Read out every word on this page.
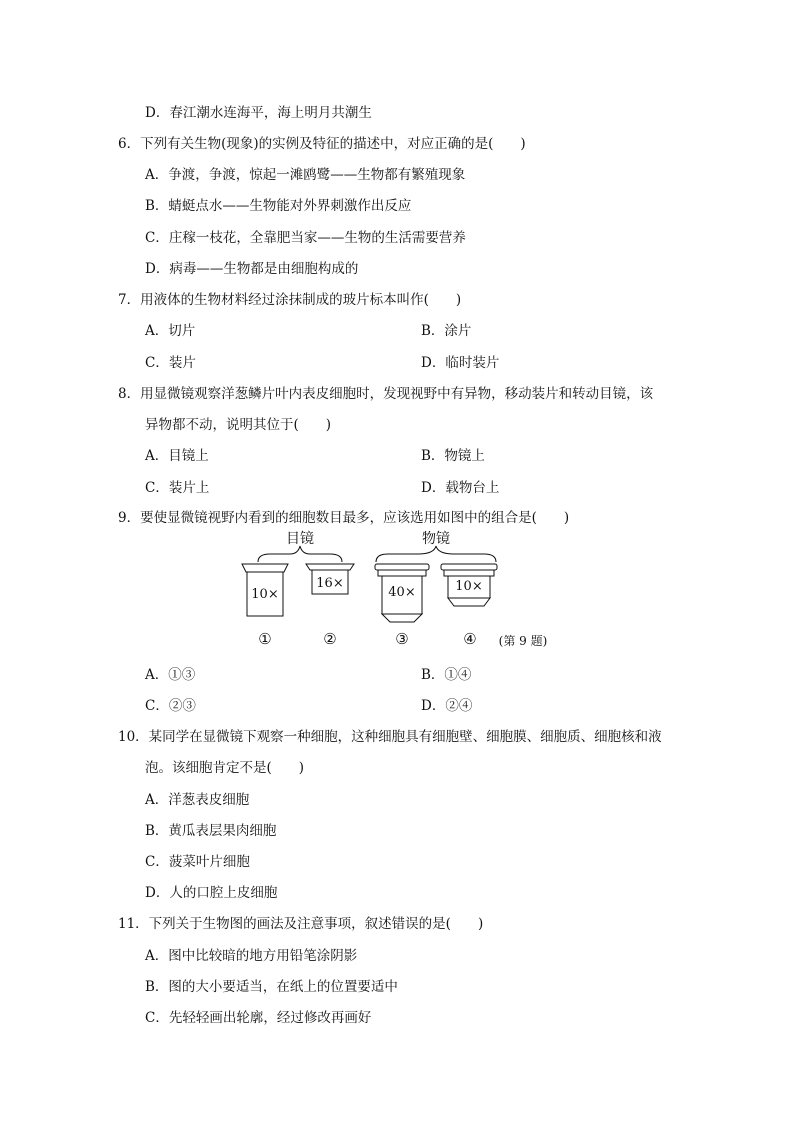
D．春江潮水连海平，海上明月共潮生
6．下列有关生物(现象)的实例及特征的描述中，对应正确的是(　　)
A．争渡，争渡，惊起一滩鸥鹭——生物都有繁殖现象
B．蜻蜓点水——生物能对外界刺激作出反应
C．庄稼一枝花，全靠肥当家——生物的生活需要营养
D．病毒——生物都是由细胞构成的
7．用液体的生物材料经过涂抹制成的玻片标本叫作(　　)
A．切片	B．涂片
C．装片	D．临时装片
8．用显微镜观察洋葱鳞片叶内表皮细胞时，发现视野中有异物，移动装片和转动目镜，该
异物都不动，说明其位于(　　)
A．目镜上	B．物镜上
C．装片上	D．载物台上
9．要使显微镜视野内看到的细胞数目最多，应该选用如图中的组合是(　　)
目镜	物镜
10×
16×
40×	10×
①	②	③	④ (第 9 题)
A．①③	B．①④
C．②③	D．②④
10．某同学在显微镜下观察一种细胞，这种细胞具有细胞壁、细胞膜、细胞质、细胞核和液
泡。该细胞肯定不是(　　)
A．洋葱表皮细胞
B．黄瓜表层果肉细胞
C．菠菜叶片细胞
D．人的口腔上皮细胞
11．下列关于生物图的画法及注意事项，叙述错误的是(　　)
A．图中比较暗的地方用铅笔涂阴影
B．图的大小要适当，在纸上的位置要适中
C．先轻轻画出轮廓，经过修改再画好
